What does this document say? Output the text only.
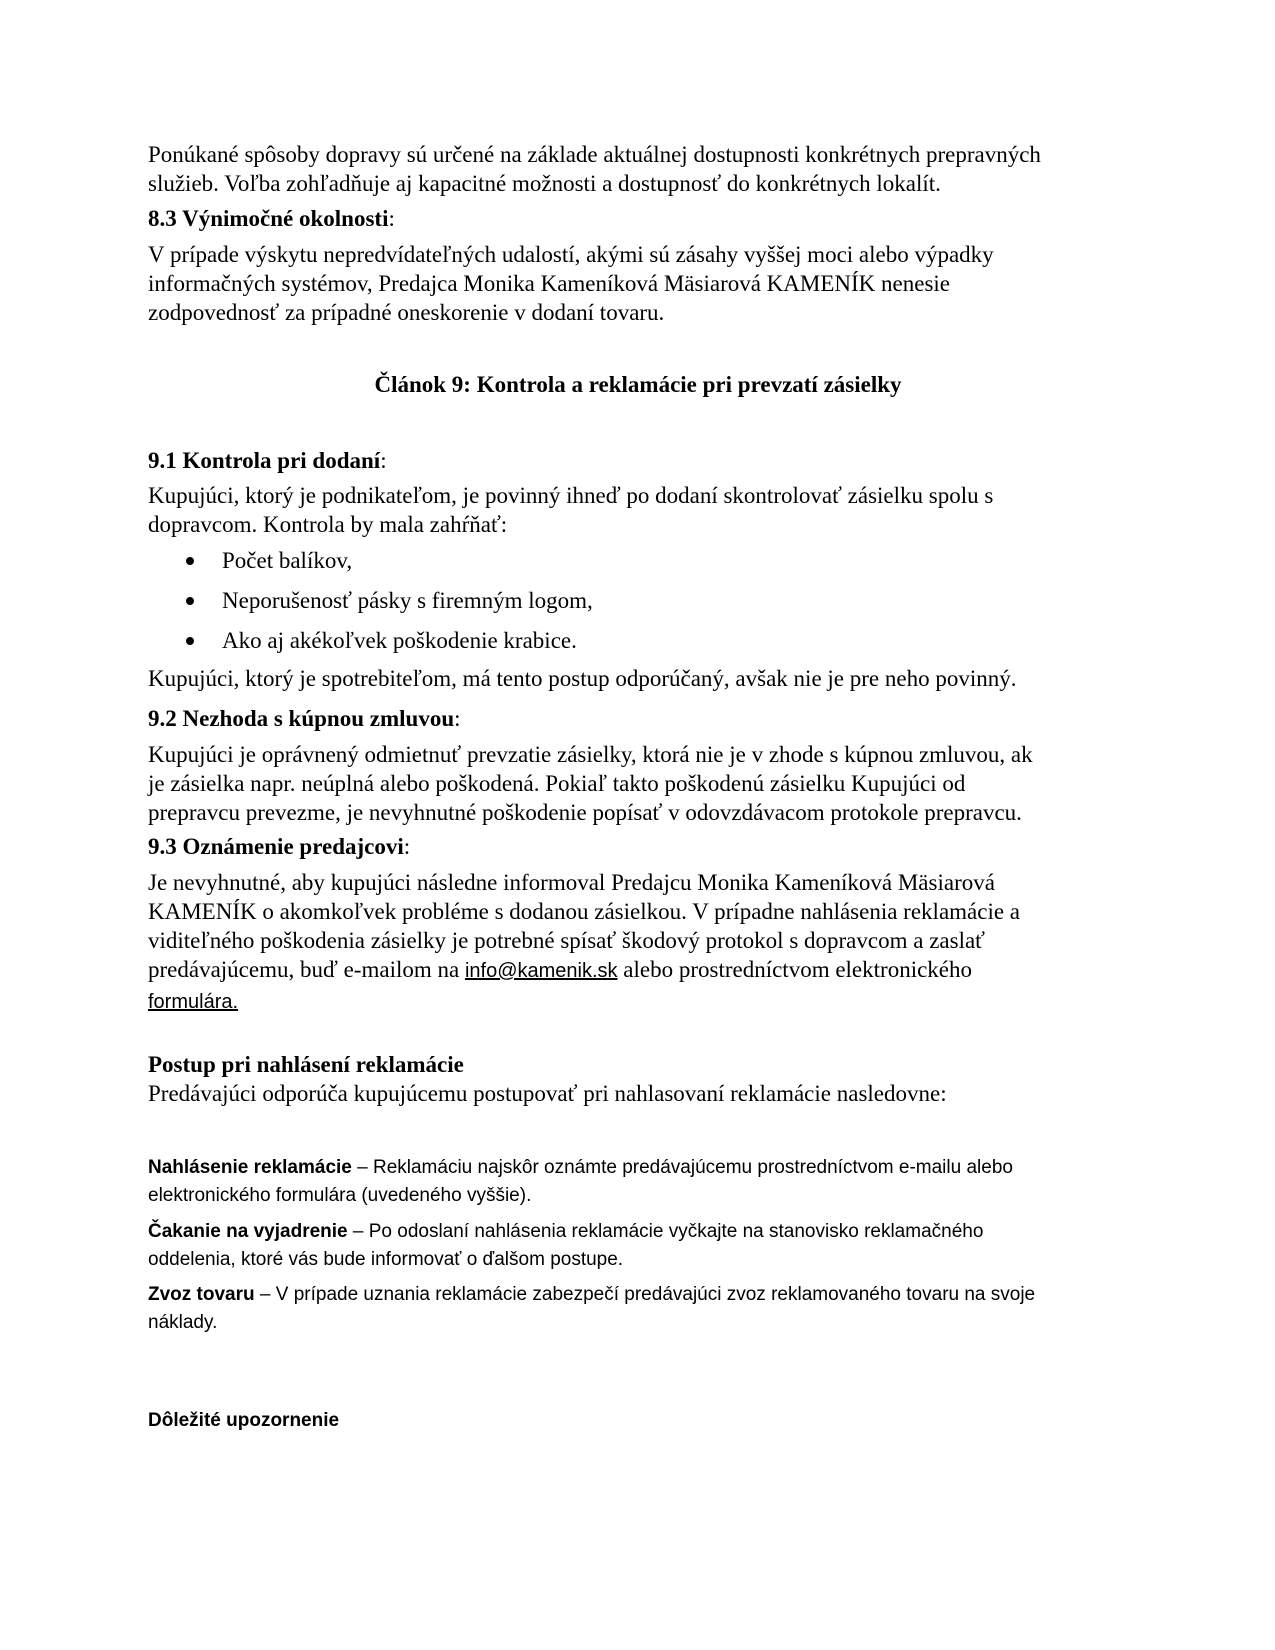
Ponúkané spôsoby dopravy sú určené na základe aktuálnej dostupnosti konkrétnych prepravných
služieb. Voľba zohľadňuje aj kapacitné možnosti a dostupnosť do konkrétnych lokalít.

8.3 Výnimočné okolnosti:

V prípade výskytu nepredvídateľných udalostí, akými sú zásahy vyššej moci alebo výpadky
informačných systémov, Predajca Monika Kameníková Mäsiarová KAMENÍK nenesie
zodpovednosť za prípadné oneskorenie v dodaní tovaru.

Článok 9: Kontrola a reklamácie pri prevzatí zásielky

9.1 Kontrola pri dodaní:

Kupujúci, ktorý je podnikateľom, je povinný ihneď po dodaní skontrolovať zásielku spolu s
dopravcom. Kontrola by mala zahŕňať:

Počet balíkov,
Neporušenosť pásky s firemným logom,
Ako aj akékoľvek poškodenie krabice.

Kupujúci, ktorý je spotrebiteľom, má tento postup odporúčaný, avšak nie je pre neho povinný.

9.2 Nezhoda s kúpnou zmluvou:

Kupujúci je oprávnený odmietnuť prevzatie zásielky, ktorá nie je v zhode s kúpnou zmluvou, ak
je zásielka napr. neúplná alebo poškodená. Pokiaľ takto poškodenú zásielku Kupujúci od
prepravcu prevezme, je nevyhnutné poškodenie popísať v odovzdávacom protokole prepravcu.

9.3 Oznámenie predajcovi:

Je nevyhnutné, aby kupujúci následne informoval Predajcu Monika Kameníková Mäsiarová
KAMENÍK o akomkoľvek probléme s dodanou zásielkou. V prípadne nahlásenia reklamácie a
viditeľného poškodenia zásielky je potrebné spísať škodový protokol s dopravcom a zaslať
predávajúcemu, buď e-mailom na info@kamenik.sk alebo prostredníctvom elektronického
formulára.

Postup pri nahlásení reklamácie
Predávajúci odporúča kupujúcemu postupovať pri nahlasovaní reklamácie nasledovne:

Nahlásenie reklamácie – Reklamáciu najskôr oznámte predávajúcemu prostredníctvom e-mailu alebo
elektronického formulára (uvedeného vyššie).

Čakanie na vyjadrenie – Po odoslaní nahlásenia reklamácie vyčkajte na stanovisko reklamačného
oddelenia, ktoré vás bude informovať o ďalšom postupe.

Zvoz tovaru – V prípade uznania reklamácie zabezpečí predávajúci zvoz reklamovaného tovaru na svoje
náklady.

Dôležité upozornenie
